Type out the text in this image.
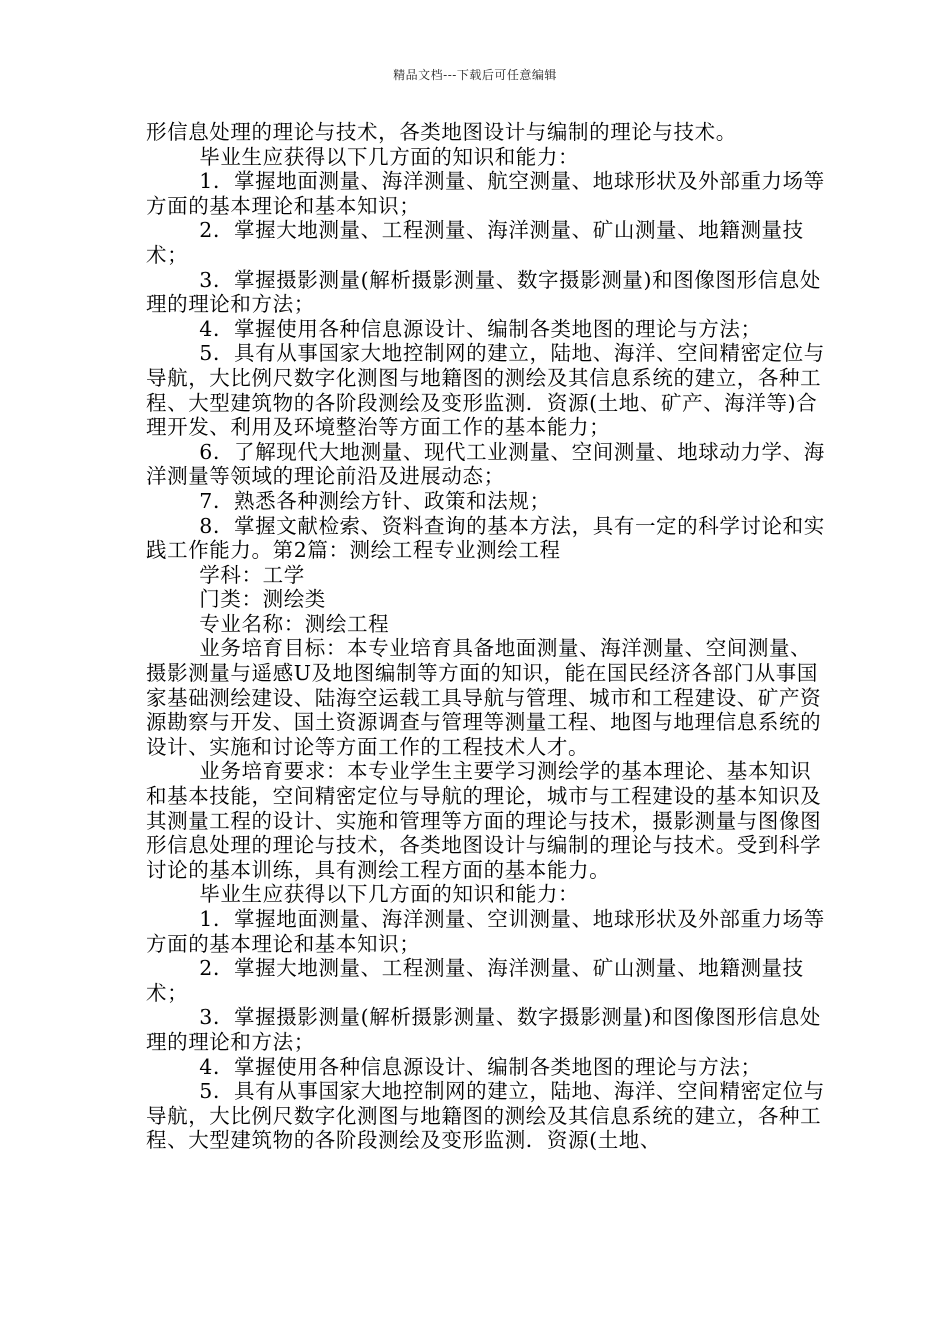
精品文档---下载后可任意编辑

形信息处理的理论与技术，各类地图设计与编制的理论与技术。

毕业生应获得以下几方面的知识和能力：

1．掌握地面测量、海洋测量、航空测量、地球形状及外部重力场等方面的基本理论和基本知识；

2．掌握大地测量、工程测量、海洋测量、矿山测量、地籍测量技术；

3．掌握摄影测量(解析摄影测量、数字摄影测量)和图像图形信息处理的理论和方法；

4．掌握使用各种信息源设计、编制各类地图的理论与方法；

5．具有从事国家大地控制网的建立，陆地、海洋、空间精密定位与导航，大比例尺数字化测图与地籍图的测绘及其信息系统的建立，各种工程、大型建筑物的各阶段测绘及变形监测．资源(土地、矿产、海洋等)合理开发、利用及环境整治等方面工作的基本能力；

6．了解现代大地测量、现代工业测量、空间测量、地球动力学、海洋测量等领域的理论前沿及进展动态；

7．熟悉各种测绘方针、政策和法规；

8．掌握文献检索、资料查询的基本方法，具有一定的科学讨论和实践工作能力。第2篇：测绘工程专业测绘工程

学科：工学

门类：测绘类

专业名称：测绘工程

业务培育目标：本专业培育具备地面测量、海洋测量、空间测量、摄影测量与遥感U及地图编制等方面的知识，能在国民经济各部门从事国家基础测绘建设、陆海空运载工具导航与管理、城市和工程建设、矿产资源勘察与开发、国土资源调查与管理等测量工程、地图与地理信息系统的设计、实施和讨论等方面工作的工程技术人才。

业务培育要求：本专业学生主要学习测绘学的基本理论、基本知识和基本技能，空间精密定位与导航的理论，城市与工程建设的基本知识及其测量工程的设计、实施和管理等方面的理论与技术，摄影测量与图像图形信息处理的理论与技术，各类地图设计与编制的理论与技术。受到科学讨论的基本训练，具有测绘工程方面的基本能力。

毕业生应获得以下几方面的知识和能力：

1．掌握地面测量、海洋测量、空训测量、地球形状及外部重力场等方面的基本理论和基本知识；

2．掌握大地测量、工程测量、海洋测量、矿山测量、地籍测量技术；

3．掌握摄影测量(解析摄影测量、数字摄影测量)和图像图形信息处理的理论和方法；

4．掌握使用各种信息源设计、编制各类地图的理论与方法；

5．具有从事国家大地控制网的建立，陆地、海洋、空间精密定位与导航，大比例尺数字化测图与地籍图的测绘及其信息系统的建立，各种工程、大型建筑物的各阶段测绘及变形监测．资源(土地、
